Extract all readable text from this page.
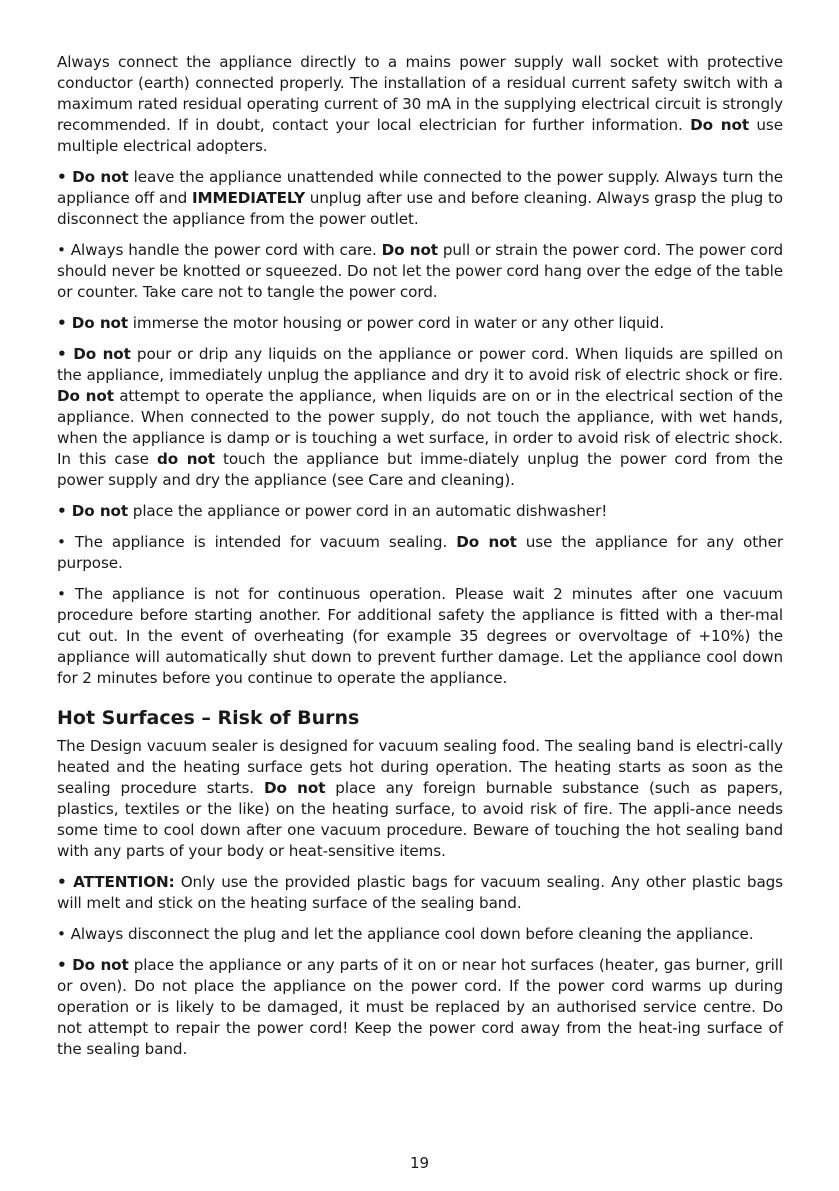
Always connect the appliance directly to a mains power supply wall socket with protective conductor (earth) connected properly. The installation of a residual current safety switch with a maximum rated residual operating current of 30 mA in the supplying electrical circuit is strongly recommended. If in doubt, contact your local electrician for further information. Do not use multiple electrical adopters.

• Do not leave the appliance unattended while connected to the power supply. Always turn the appliance off and IMMEDIATELY unplug after use and before cleaning. Always grasp the plug to disconnect the appliance from the power outlet.

• Always handle the power cord with care. Do not pull or strain the power cord. The power cord should never be knotted or squeezed. Do not let the power cord hang over the edge of the table or counter. Take care not to tangle the power cord.

• Do not immerse the motor housing or power cord in water or any other liquid.

• Do not pour or drip any liquids on the appliance or power cord. When liquids are spilled on the appliance, immediately unplug the appliance and dry it to avoid risk of electric shock or fire. Do not attempt to operate the appliance, when liquids are on or in the electrical section of the appliance. When connected to the power supply, do not touch the appliance, with wet hands, when the appliance is damp or is touching a wet surface, in order to avoid risk of electric shock. In this case do not touch the appliance but imme-diately unplug the power cord from the power supply and dry the appliance (see Care and cleaning).

• Do not place the appliance or power cord in an automatic dishwasher!

• The appliance is intended for vacuum sealing. Do not use the appliance for any other purpose.

• The appliance is not for continuous operation. Please wait 2 minutes after one vacuum procedure before starting another. For additional safety the appliance is fitted with a ther-mal cut out. In the event of overheating (for example 35 degrees or overvoltage of +10%) the appliance will automatically shut down to prevent further damage. Let the appliance cool down for 2 minutes before you continue to operate the appliance.

Hot Surfaces – Risk of Burns

The Design vacuum sealer is designed for vacuum sealing food. The sealing band is electri-cally heated and the heating surface gets hot during operation. The heating starts as soon as the sealing procedure starts. Do not place any foreign burnable substance (such as papers, plastics, textiles or the like) on the heating surface, to avoid risk of fire. The appli-ance needs some time to cool down after one vacuum procedure. Beware of touching the hot sealing band with any parts of your body or heat-sensitive items.

• ATTENTION: Only use the provided plastic bags for vacuum sealing. Any other plastic bags will melt and stick on the heating surface of the sealing band.

• Always disconnect the plug and let the appliance cool down before cleaning the appliance.

• Do not place the appliance or any parts of it on or near hot surfaces (heater, gas burner, grill or oven). Do not place the appliance on the power cord. If the power cord warms up during operation or is likely to be damaged, it must be replaced by an authorised service centre. Do not attempt to repair the power cord! Keep the power cord away from the heat-ing surface of the sealing band.

19
